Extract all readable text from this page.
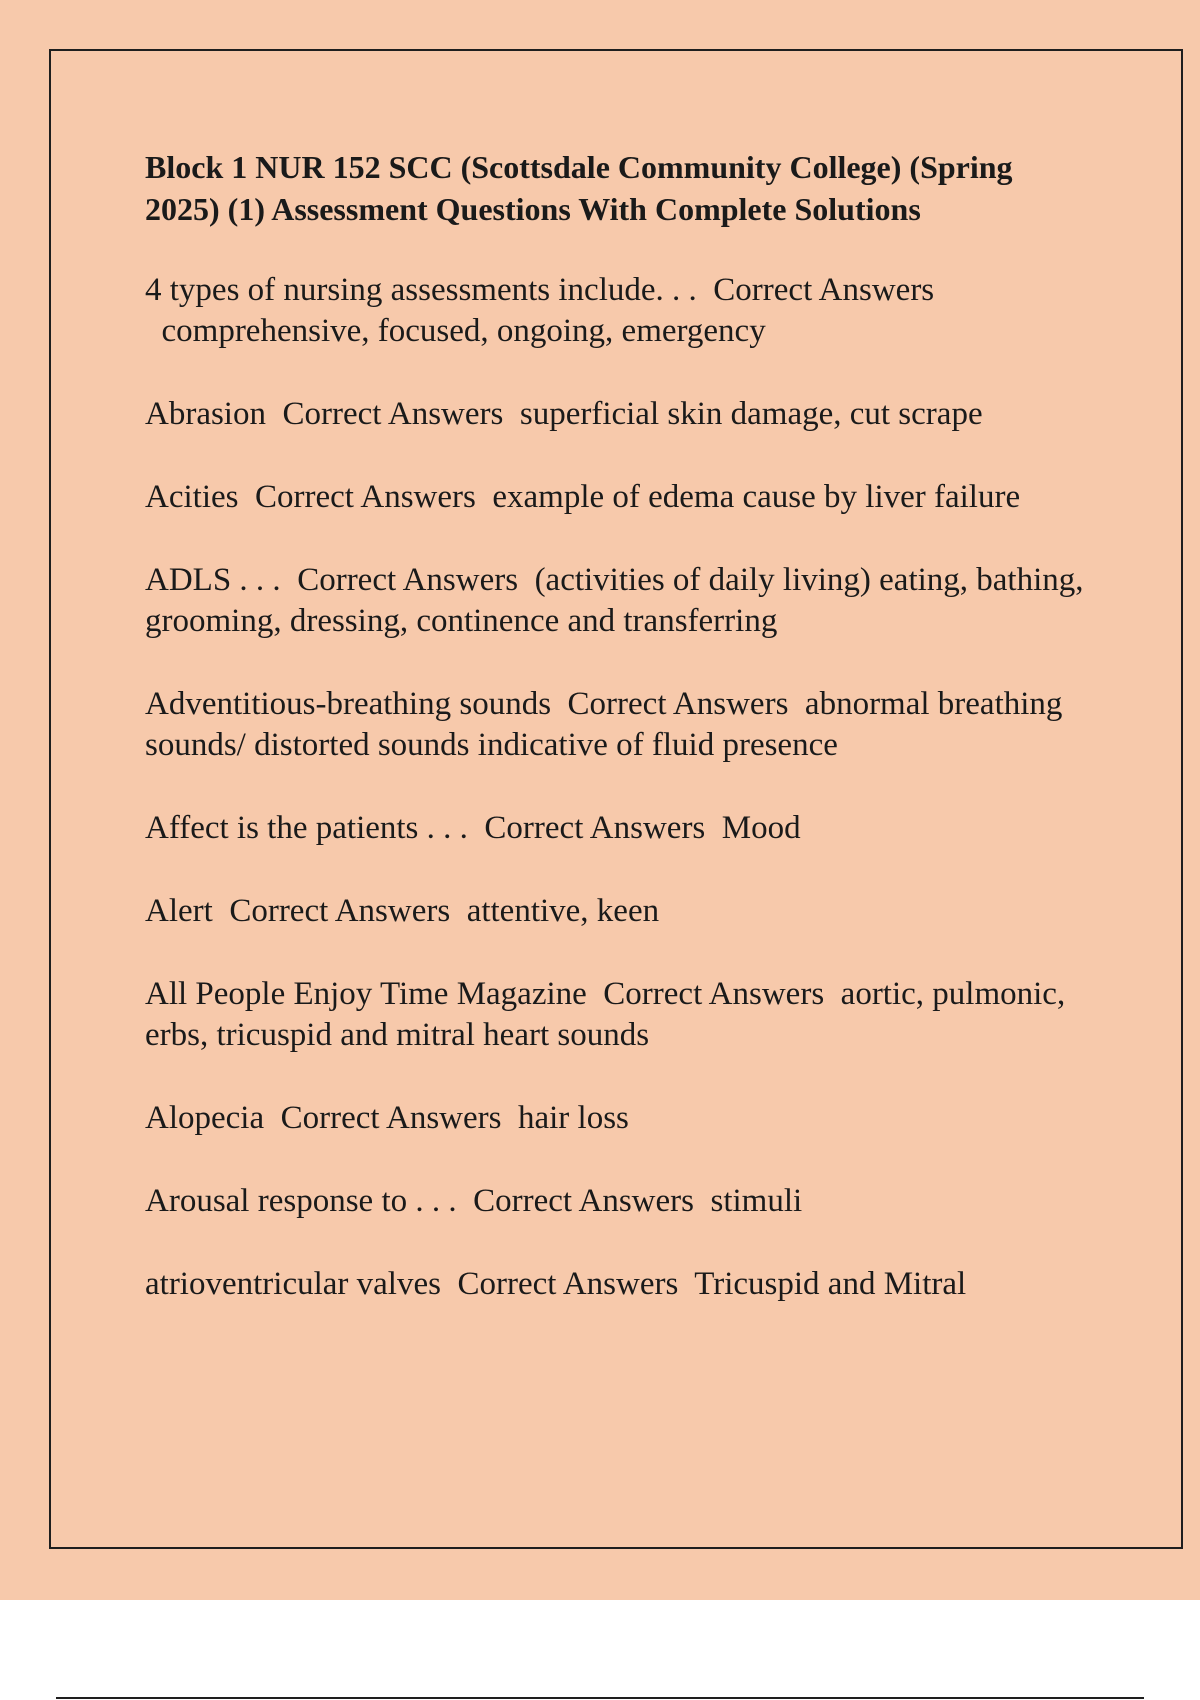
Block 1 NUR 152 SCC (Scottsdale Community College) (Spring 2025) (1) Assessment Questions With Complete Solutions
4 types of nursing assessments include. . . Correct Answers  comprehensive, focused, ongoing, emergency
Abrasion Correct Answers superficial skin damage, cut scrape
Acities Correct Answers example of edema cause by liver failure
ADLS . . . Correct Answers (activities of daily living) eating, bathing, grooming, dressing, continence and transferring
Adventitious-breathing sounds Correct Answers abnormal breathing sounds/ distorted sounds indicative of fluid presence
Affect is the patients . . . Correct Answers Mood
Alert Correct Answers attentive, keen
All People Enjoy Time Magazine Correct Answers aortic, pulmonic, erbs, tricuspid and mitral heart sounds
Alopecia Correct Answers hair loss
Arousal response to . . . Correct Answers stimuli
atrioventricular valves Correct Answers Tricuspid and Mitral
